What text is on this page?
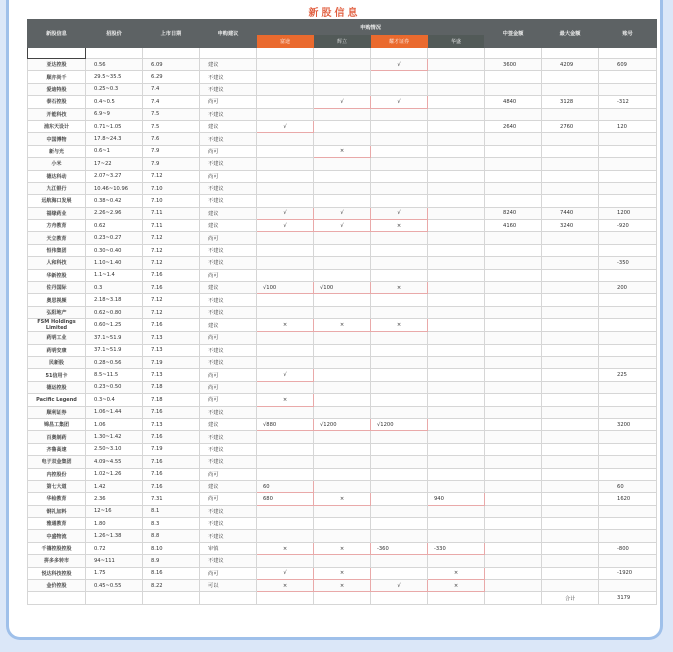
新股信息
新股信息	招股价	上市日期	申购建议	申购情况				中签金额	最大金额	账号
				富途	辉立	耀才证券	华盛			

亚达控股	0.56	6.09	建议			√		3600	4209	609
顺亦尚千	29.5~35.5	6.29	不建议							
爱迪特股	0.25~0.3	7.4	不建议							
泰石控股	0.4~0.5	7.4	尚可		√	√		4840	3128	-312
开能科技	6.9~9	7.5	不建议							
浦东天设计	0.71~1.05	7.5	建议	√				2640	2760	120
中国博物	17.8~24.3	7.6	不建议							
新与光	0.6~1	7.9	尚可		×					
小米	17~22	7.9	不建议							
德达科动	2.07~3.27	7.12	尚可							
九江银行	10.46~10.96	7.10	不建议							
远航海口发展	0.38~0.42	7.10	不建议							
福缘药业	2.26~2.96	7.11	建议	√	√	√		8240	7440	1200
方舟教育	0.62	7.11	建议	√	√	×		4160	3240	-920
天立教育	0.23~0.27	7.12	尚可							
恒伟集团	0.30~0.40	7.12	不建议							
人和科技	1.10~1.40	7.12	不建议							-350
华新控股	1.1~1.4	7.16	尚可							
佐丹国际	0.3	7.16	建议	√100	√100	×				200
奥思视频	2.18~3.18	7.12	不建议							
弘阳地产	0.62~0.80	7.12	不建议							
FSM Holdings Limited	0.60~1.25	7.16	建议	×	×	×				
药明工业	37.1~51.9	7.13	尚可							
药明安康	37.1~51.9	7.13	不建议							
民新股	0.28~0.56	7.19	不建议							
51信用卡	8.5~11.5	7.13	尚可	√						225
德运控股	0.23~0.50	7.18	尚可							
Pacific Legend	0.3~0.4	7.18	尚可	×						
顺利证券	1.06~1.44	7.16	不建议							
锦昌工集团	1.06	7.13	建议	√880	√1200	√1200				3200
百奥制药	1.30~1.42	7.16	不建议							
齐鲁高速	2.50~3.10	7.19	不建议							
电子双金集团	4.09~4.55	7.16	不建议							
内控股份	1.02~1.26	7.16	尚可							
第七大道	1.42	7.16	建议	60						60
华检教育	2.36	7.31	尚可	680	×		940			1620
钢礼加料	12~16	8.1	不建议							
雅通教育	1.80	8.3	不建议							
中盛物流	1.26~1.38	8.8	不建议							
千禧控股控股	0.72	8.10	审慎	×	×	-360	-330			-800
拼多多转市	94~111	8.9	不建议							
悦达科技控股	1.75	8.16	尚可	√	×		×			-1920
金价控股	0.45~0.55	8.22	可以	×	×	√	×			
									合计	3179
